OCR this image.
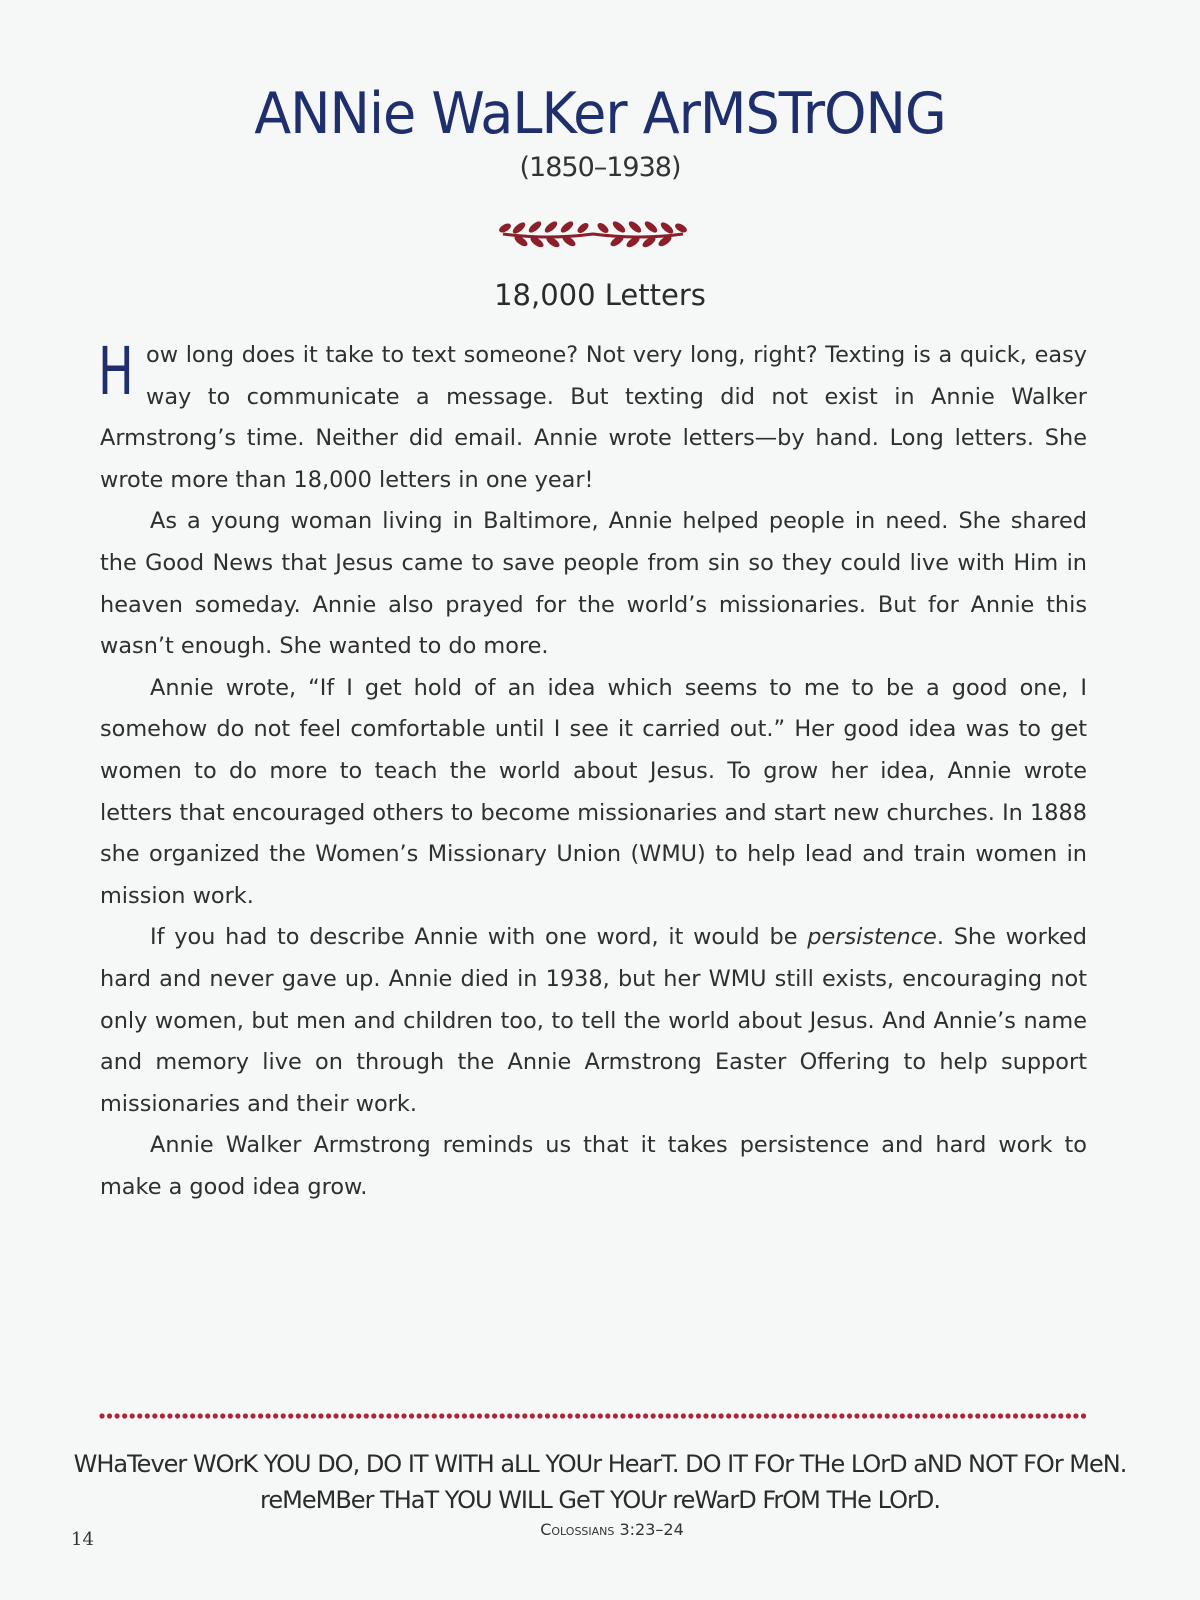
ANNie WaLKer ArMSTrONG
(1850–1938)
18,000 Letters

How long does it take to text someone? Not very long, right? Texting is a quick, easy way to communicate a message. But texting did not exist in Annie Walker Armstrong’s time. Neither did email. Annie wrote letters—by hand. Long letters. She wrote more than 18,000 letters in one year!

As a young woman living in Baltimore, Annie helped people in need. She shared the Good News that Jesus came to save people from sin so they could live with Him in heaven someday. Annie also prayed for the world’s missionaries. But for Annie this wasn’t enough. She wanted to do more.

Annie wrote, “If I get hold of an idea which seems to me to be a good one, I somehow do not feel comfortable until I see it carried out.” Her good idea was to get women to do more to teach the world about Jesus. To grow her idea, Annie wrote letters that encouraged others to become missionaries and start new churches. In 1888 she organized the Women’s Missionary Union (WMU) to help lead and train women in mission work.

If you had to describe Annie with one word, it would be persistence. She worked hard and never gave up. Annie died in 1938, but her WMU still exists, encouraging not only women, but men and children too, to tell the world about Jesus. And Annie’s name and memory live on through the Annie Armstrong Easter Offering to help support missionaries and their work.

Annie Walker Armstrong reminds us that it takes persistence and hard work to make a good idea grow.

WHaTever WOrK YOU DO, DO IT WITH aLL YOUr HearT. DO IT FOr THe LOrD aND NOT FOr MeN.
reMeMBer THaT YOU WILL GeT YOUr reWarD FrOM THe LOrD.
Colossians 3:23–24
14
